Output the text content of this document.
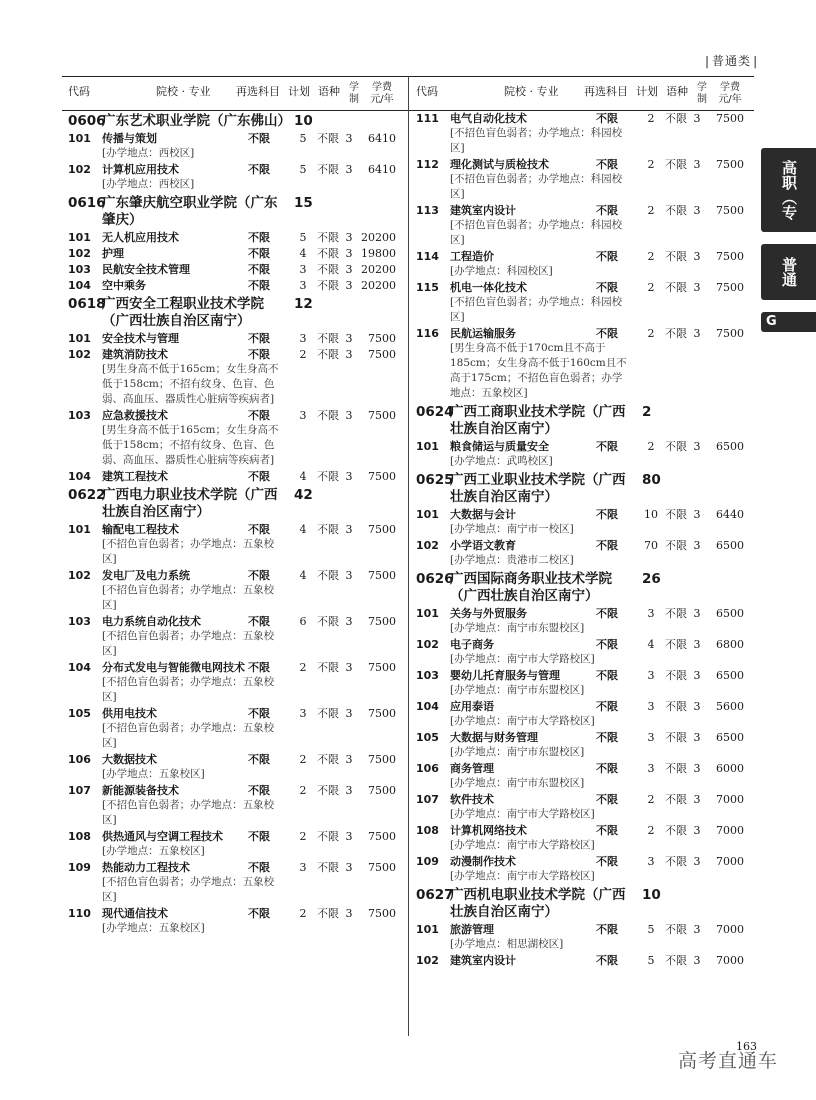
| 普通类 |
代码	院校 · 专业 再选科目 计划 语种 学制
学费元/年
0606
广东艺术职业学院（广东佛山） 10
101	传播与策划	不限	5 不限 3	6410
[办学地点：西校区]
102	计算机应用技术	不限	5 不限 3	6410
[办学地点：西校区]
0616
广东肇庆航空职业学院（广东肇庆）
15
101	无人机应用技术	不限	5 不限 3 20200
102	护理	不限	4 不限 3 19800
103	民航安全技术管理	不限	3 不限 3 20200
104	空中乘务	不限	3 不限 3 20200
0618
广西安全工程职业技术学院（广西壮族自治区南宁）
12
101	安全技术与管理	不限	3 不限 3	7500
102	建筑消防技术	不限	2 不限 3	7500
[男生身高不低于165cm；女生身高不低于158cm；不招有纹身、色盲、色弱、高血压、器质性心脏病等疾病者]
103	应急救援技术	不限	3 不限 3	7500
[男生身高不低于165cm；女生身高不低于158cm；不招有纹身、色盲、色弱、高血压、器质性心脏病等疾病者]
104	建筑工程技术	不限	4 不限 3	7500
0622
广西电力职业技术学院（广西壮族自治区南宁）
42
101	输配电工程技术	不限	4 不限 3	7500
[不招色盲色弱者；办学地点：五象校区]
102	发电厂及电力系统	不限	4 不限 3	7500
[不招色盲色弱者；办学地点：五象校区]
103	电力系统自动化技术	不限	6 不限 3	7500
[不招色盲色弱者；办学地点：五象校区]
104	分布式发电与智能微电网技术 不限	2 不限 3	7500
[不招色盲色弱者；办学地点：五象校区]
105	供用电技术	不限	3 不限 3	7500
[不招色盲色弱者；办学地点：五象校区]
106	大数据技术	不限	2 不限 3	7500
[办学地点：五象校区]
107	新能源装备技术	不限	2 不限 3	7500
[不招色盲色弱者；办学地点：五象校区]
108	供热通风与空调工程技术	不限	2 不限 3	7500
[办学地点：五象校区]
109	热能动力工程技术	不限	3 不限 3	7500
[不招色盲色弱者；办学地点：五象校区]
110	现代通信技术	不限	2 不限 3	7500
[办学地点：五象校区]
代码	院校 · 专业 再选科目 计划 语种 学制
学费元/年
111	电气自动化技术	不限	2 不限 3	7500
[不招色盲色弱者；办学地点：科园校区]
112	理化测试与质检技术	不限	2 不限 3	7500
[不招色盲色弱者；办学地点：科园校区]
113	建筑室内设计	不限	2 不限 3	7500
[不招色盲色弱者；办学地点：科园校区]
114	工程造价	不限	2 不限 3	7500
[办学地点：科园校区]
115	机电一体化技术	不限	2 不限 3	7500
[不招色盲色弱者；办学地点：科园校区]
116	民航运输服务	不限	2 不限 3	7500
[男生身高不低于170cm且不高于185cm；女生身高不低于160cm且不高于175cm；不招色盲色弱者；办学地点：五象校区]
0624
广西工商职业技术学院（广西壮族自治区南宁）
2
101	粮食储运与质量安全	不限	2 不限 3	6500
[办学地点：武鸣校区]
0625
广西工业职业技术学院（广西壮族自治区南宁）
80
101	大数据与会计	不限	10 不限 3	6440
[办学地点：南宁市一校区]
102	小学语文教育	不限	70 不限 3	6500
[办学地点：贵港市二校区]
0626
广西国际商务职业技术学院（广西壮族自治区南宁）
26
101	关务与外贸服务	不限	3 不限 3	6500
[办学地点：南宁市东盟校区]
102	电子商务	不限	4 不限 3	6800
[办学地点：南宁市大学路校区]
103	婴幼儿托育服务与管理	不限	3 不限 3	6500
[办学地点：南宁市东盟校区]
104	应用泰语	不限	3 不限 3	5600
[办学地点：南宁市大学路校区]
105	大数据与财务管理	不限	3 不限 3	6500
[办学地点：南宁市东盟校区]
106	商务管理	不限	3 不限 3	6000
[办学地点：南宁市东盟校区]
107	软件技术	不限	2 不限 3	7000
[办学地点：南宁市大学路校区]
108	计算机网络技术	不限	2 不限 3	7000
[办学地点：南宁市大学路校区]
109	动漫制作技术	不限	3 不限 3	7000
[办学地点：南宁市大学路校区]
0627
广西机电职业技术学院（广西壮族自治区南宁）
10
101	旅游管理	不限	5 不限 3	7000
[办学地点：相思湖校区]
102	建筑室内设计	不限	5 不限 3	7000
高职（专科）
普通类
G
163
高考直通车
